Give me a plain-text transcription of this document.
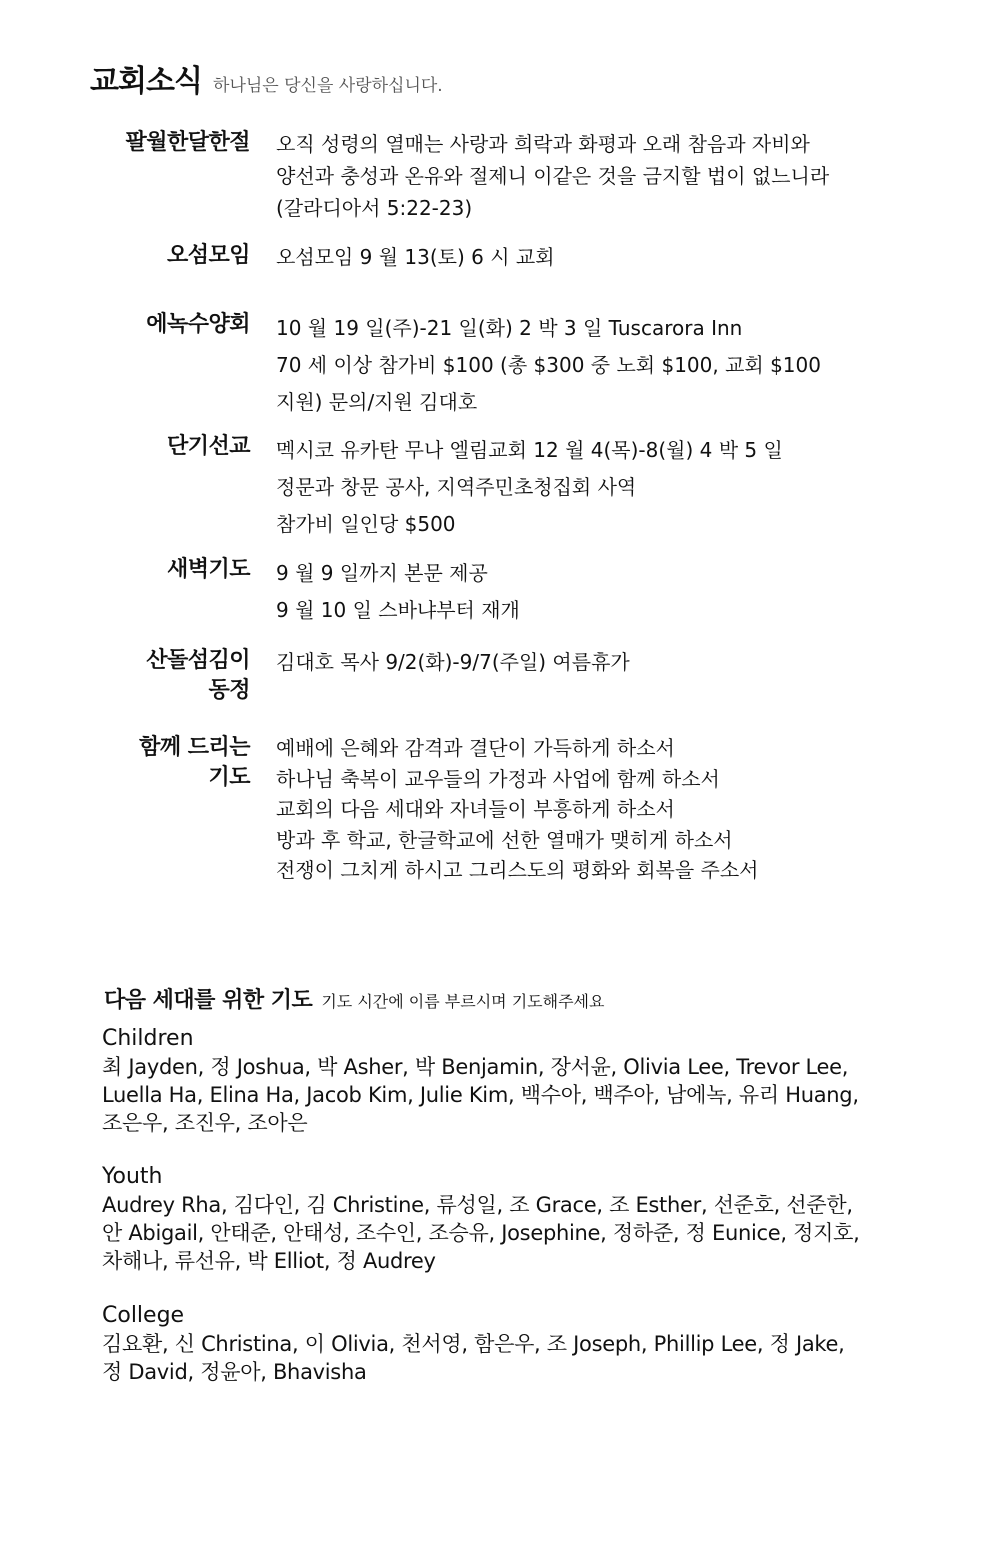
교회소식 하나님은 당신을 사랑하십니다.
팔월한달한절 오직 성령의 열매는 사랑과 희락과 화평과 오래 참음과 자비와
양선과 충성과 온유와 절제니 이같은 것을 금지할 법이 없느니라
(갈라디아서 5:22-23)
오섬모임 오섬모임 9 월 13(토) 6 시 교회
에녹수양회 10 월 19 일(주)-21 일(화) 2 박 3 일 Tuscarora Inn
70 세 이상 참가비 $100 (총 $300 중 노회 $100, 교회 $100
지원) 문의/지원 김대호
단기선교 멕시코 유카탄 무나 엘림교회 12 월 4(목)-8(월) 4 박 5 일
정문과 창문 공사, 지역주민초청집회 사역
참가비 일인당 $500
새벽기도 9 월 9 일까지 본문 제공
9 월 10 일 스바냐부터 재개
산돌섬김이
동정
김대호 목사 9/2(화)-9/7(주일) 여름휴가
함께 드리는
기도
예배에 은혜와 감격과 결단이 가득하게 하소서
하나님 축복이 교우들의 가정과 사업에 함께 하소서
교회의 다음 세대와 자녀들이 부흥하게 하소서
방과 후 학교, 한글학교에 선한 열매가 맺히게 하소서
전쟁이 그치게 하시고 그리스도의 평화와 회복을 주소서
다음 세대를 위한 기도 기도 시간에 이름 부르시며 기도해주세요
Children
최 Jayden, 정 Joshua, 박 Asher, 박 Benjamin, 장서윤, Olivia Lee, Trevor Lee,
Luella Ha, Elina Ha, Jacob Kim, Julie Kim, 백수아, 백주아, 남에녹, 유리 Huang,
조은우, 조진우, 조아은
Youth
Audrey Rha, 김다인, 김 Christine, 류성일, 조 Grace, 조 Esther, 선준호, 선준한,
안 Abigail, 안태준, 안태성, 조수인, 조승유, Josephine, 정하준, 정 Eunice, 정지호,
차해나, 류선유, 박 Elliot, 정 Audrey
College
김요환, 신 Christina, 이 Olivia, 천서영, 함은우, 조 Joseph, Phillip Lee, 정 Jake,
정 David, 정윤아, Bhavisha
